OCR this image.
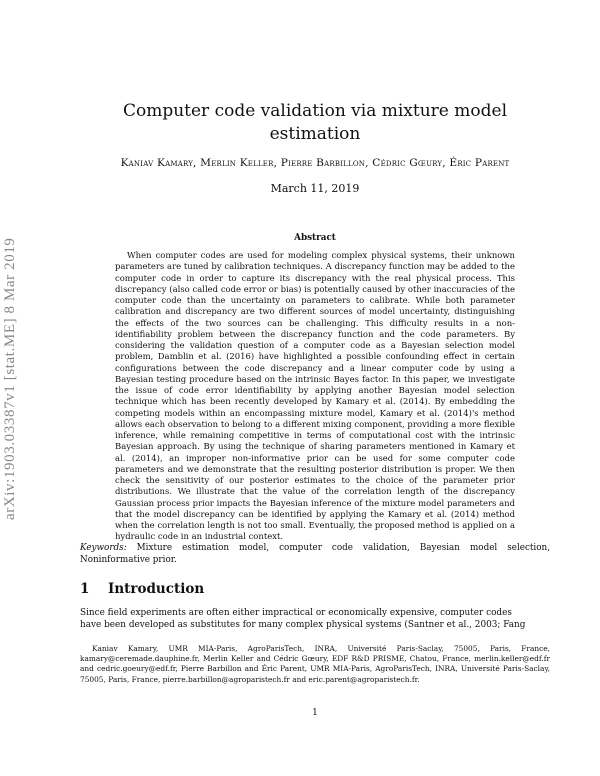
arXiv:1903.03387v1 [stat.ME] 8 Mar 2019
Computer code validation via mixture model estimation
Kaniav Kamary, Merlin Keller, Pierre Barbillon, Cédric Gœury, Éric Parent
March 11, 2019
Abstract

When computer codes are used for modeling complex physical systems, their unknown parameters are tuned by calibration techniques. A discrepancy function may be added to the computer code in order to capture its discrepancy with the real physical process. This discrepancy (also called code error or bias) is potentially caused by other inaccuracies of the computer code than the uncertainty on parameters to calibrate. While both parameter calibration and discrepancy are two different sources of model uncertainty, distinguishing the effects of the two sources can be challenging. This difficulty results in a non-identifiability problem between the discrepancy function and the code parameters. By considering the validation question of a computer code as a Bayesian selection model problem, Damblin et al. (2016) have highlighted a possible confounding effect in certain configurations between the code discrepancy and a linear computer code by using a Bayesian testing procedure based on the intrinsic Bayes factor. In this paper, we investigate the issue of code error identifiability by applying another Bayesian model selection technique which has been recently developed by Kamary et al. (2014). By embedding the competing models within an encompassing mixture model, Kamary et al. (2014)'s method allows each observation to belong to a different mixing component, providing a more flexible inference, while remaining competitive in terms of computational cost with the intrinsic Bayesian approach. By using the technique of sharing parameters mentioned in Kamary et al. (2014), an improper non-informative prior can be used for some computer code parameters and we demonstrate that the resulting posterior distribution is proper. We then check the sensitivity of our posterior estimates to the choice of the parameter prior distributions. We illustrate that the value of the correlation length of the discrepancy Gaussian process prior impacts the Bayesian inference of the mixture model parameters and that the model discrepancy can be identified by applying the Kamary et al. (2014) method when the correlation length is not too small. Eventually, the proposed method is applied on a hydraulic code in an industrial context.

Keywords: Mixture estimation model, computer code validation, Bayesian model selection, Noninformative prior.

1 Introduction
Since field experiments are often either impractical or economically expensive, computer codes
have been developed as substitutes for many complex physical systems (Santner et al., 2003; Fang

Kaniav Kamary, UMR MIA-Paris, AgroParisTech, INRA, Université Paris-Saclay, 75005, Paris, France, kamary@ceremade.dauphine.fr, Merlin Keller and Cédric Gœury, EDF R&D PRISME, Chatou, France, merlin.keller@edf.fr and cedric.goeury@edf.fr, Pierre Barbillon and Éric Parent, UMR MIA-Paris, AgroParisTech, INRA, Université Paris-Saclay, 75005, Paris, France, pierre.barbillon@agroparistech.fr and eric.parent@agroparistech.fr.

1
